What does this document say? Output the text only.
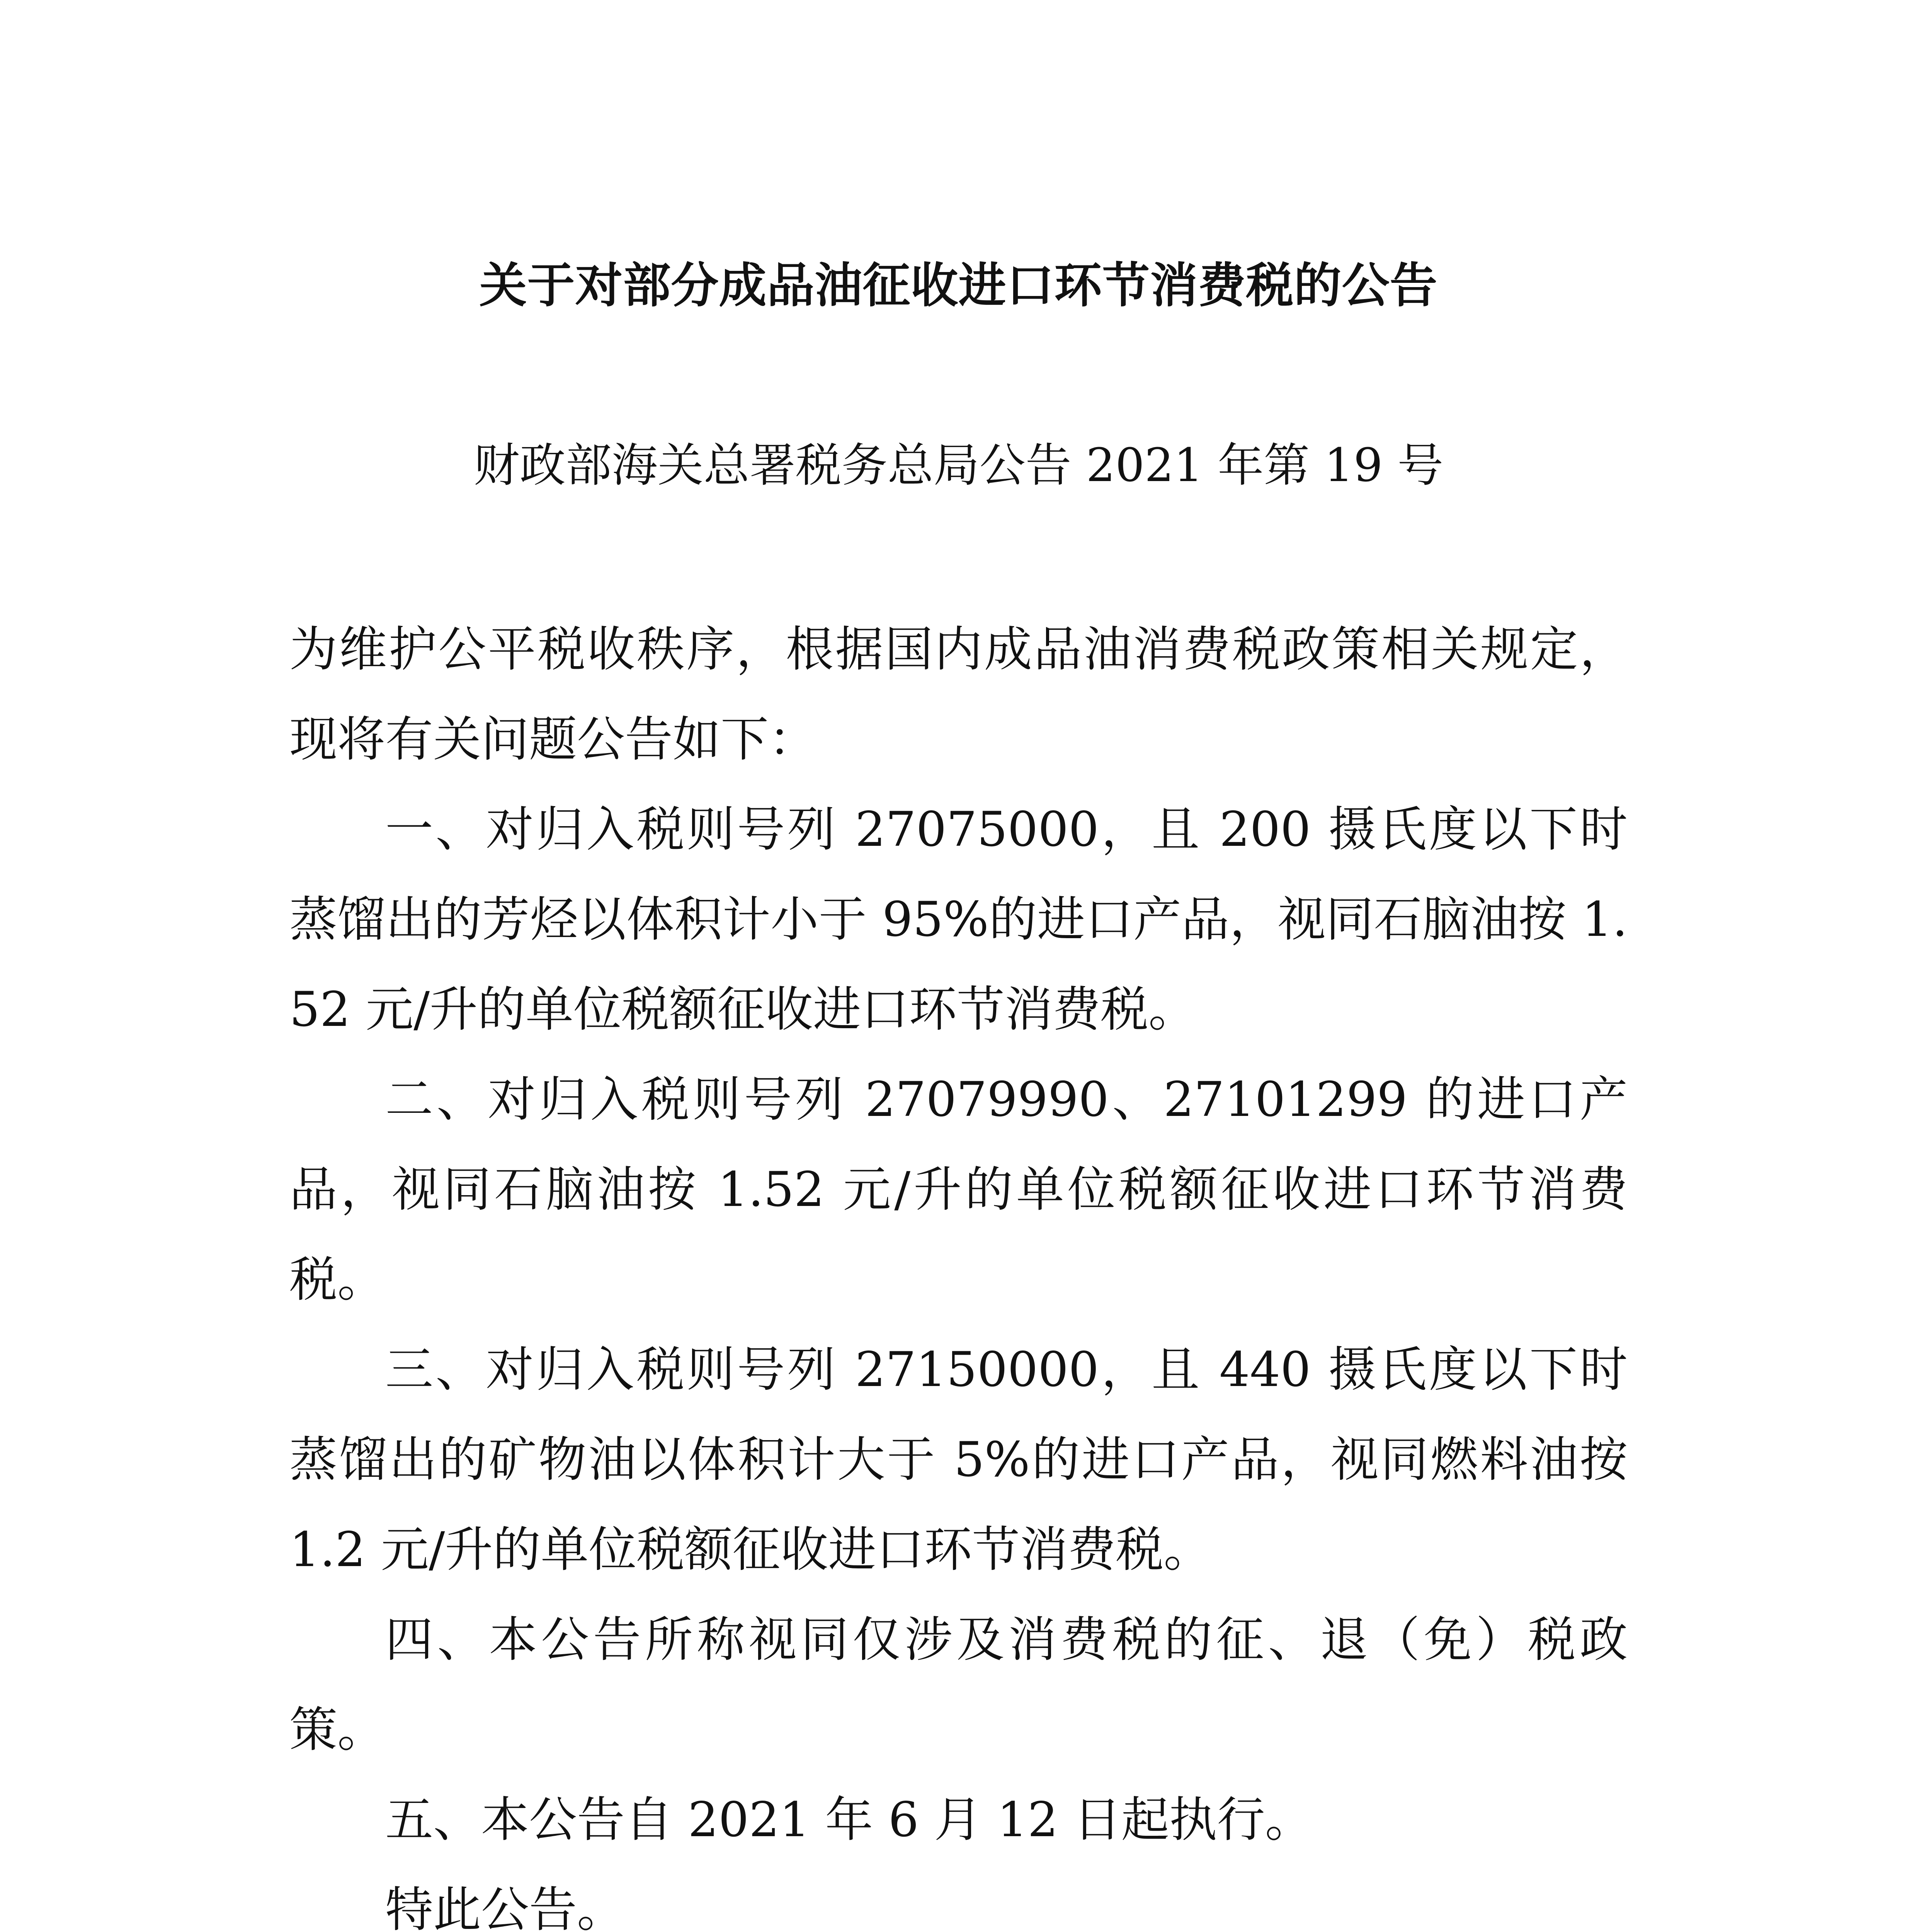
关于对部分成品油征收进口环节消费税的公告
财政部海关总署税务总局公告 2021 年第 19 号

为维护公平税收秩序，根据国内成品油消费税政策相关规定，现将有关问题公告如下：

一、对归入税则号列 27075000，且 200 摄氏度以下时蒸馏出的芳烃以体积计小于 95%的进口产品，视同石脑油按 1.52 元/升的单位税额征收进口环节消费税。

二、对归入税则号列 27079990、27101299 的进口产品，视同石脑油按 1.52 元/升的单位税额征收进口环节消费税。

三、对归入税则号列 27150000，且 440 摄氏度以下时蒸馏出的矿物油以体积计大于 5%的进口产品，视同燃料油按 1.2 元/升的单位税额征收进口环节消费税。

四、本公告所称视同仅涉及消费税的征、退（免）税政策。

五、本公告自 2021 年 6 月 12 日起执行。

特此公告。
